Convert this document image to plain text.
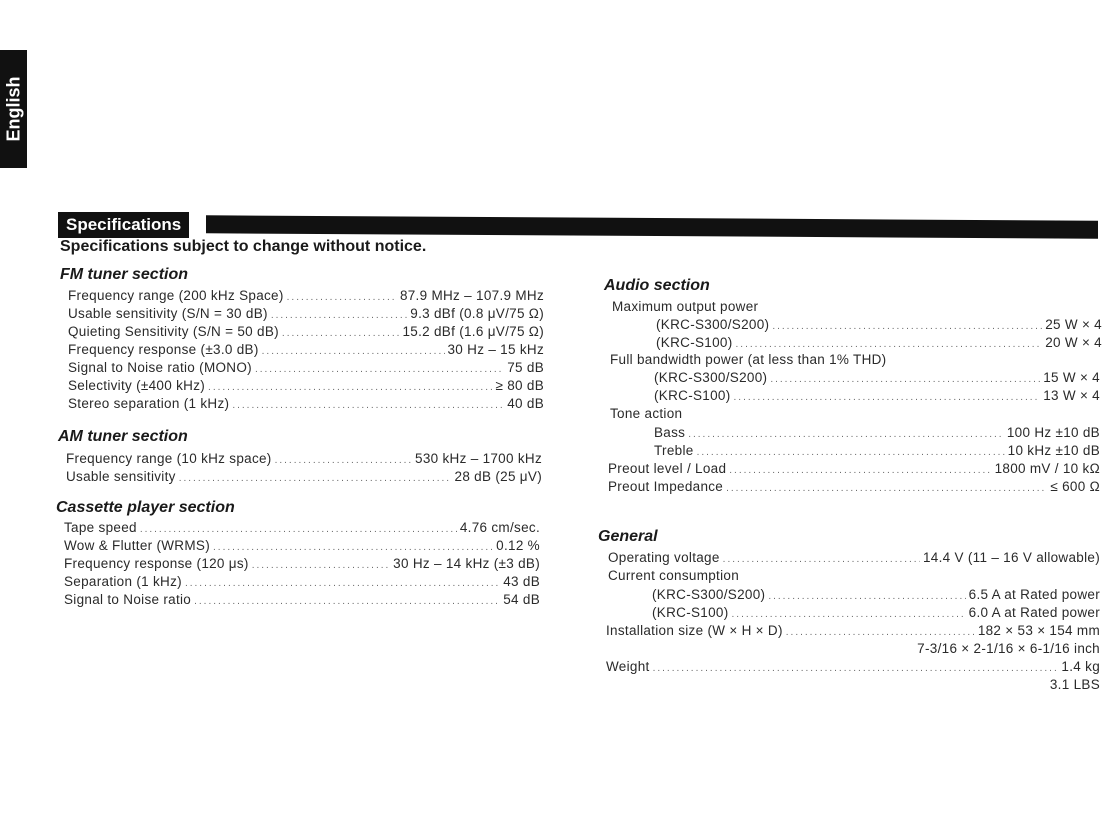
English
Specifications
Specifications subject to change without notice.
FM tuner section
Frequency range (200 kHz Space) .....	87.9 MHz – 107.9 MHz
Usable sensitivity (S/N = 30 dB) .....	9.3 dBf (0.8 μV/75 Ω)
Quieting Sensitivity (S/N = 50 dB) .....	15.2 dBf (1.6 μV/75 Ω)
Frequency response (±3.0 dB) .....	30 Hz – 15 kHz
Signal to Noise ratio (MONO) .....	75 dB
Selectivity (±400 kHz) .....	≥ 80 dB
Stereo separation (1 kHz) .....	40 dB
AM tuner section
Frequency range (10 kHz space) .....	530 kHz – 1700 kHz
Usable sensitivity .....	28 dB (25 μV)
Cassette player section
Tape speed .....	4.76 cm/sec.
Wow & Flutter (WRMS) .....	0.12 %
Frequency response (120 μs) .....	30 Hz – 14 kHz (±3 dB)
Separation (1 kHz) .....	43 dB
Signal to Noise ratio .....	54 dB
Audio section
Maximum output power
(KRC-S300/S200) .....	25 W × 4
(KRC-S100) .....	20 W × 4
Full bandwidth power (at less than 1% THD)
(KRC-S300/S200) .....	15 W × 4
(KRC-S100) .....	13 W × 4
Tone action
Bass .....	100 Hz ±10 dB
Treble .....	10 kHz ±10 dB
Preout level / Load .....	1800 mV / 10 kΩ
Preout Impedance .....	≤ 600 Ω
General
Operating voltage .....	14.4 V (11 – 16 V allowable)
Current consumption
(KRC-S300/S200) .....	6.5 A at Rated power
(KRC-S100) .....	6.0 A at Rated power
Installation size (W × H × D) .....	182 × 53 × 154 mm
7-3/16 × 2-1/16 × 6-1/16 inch
Weight .....	1.4 kg
3.1 LBS
